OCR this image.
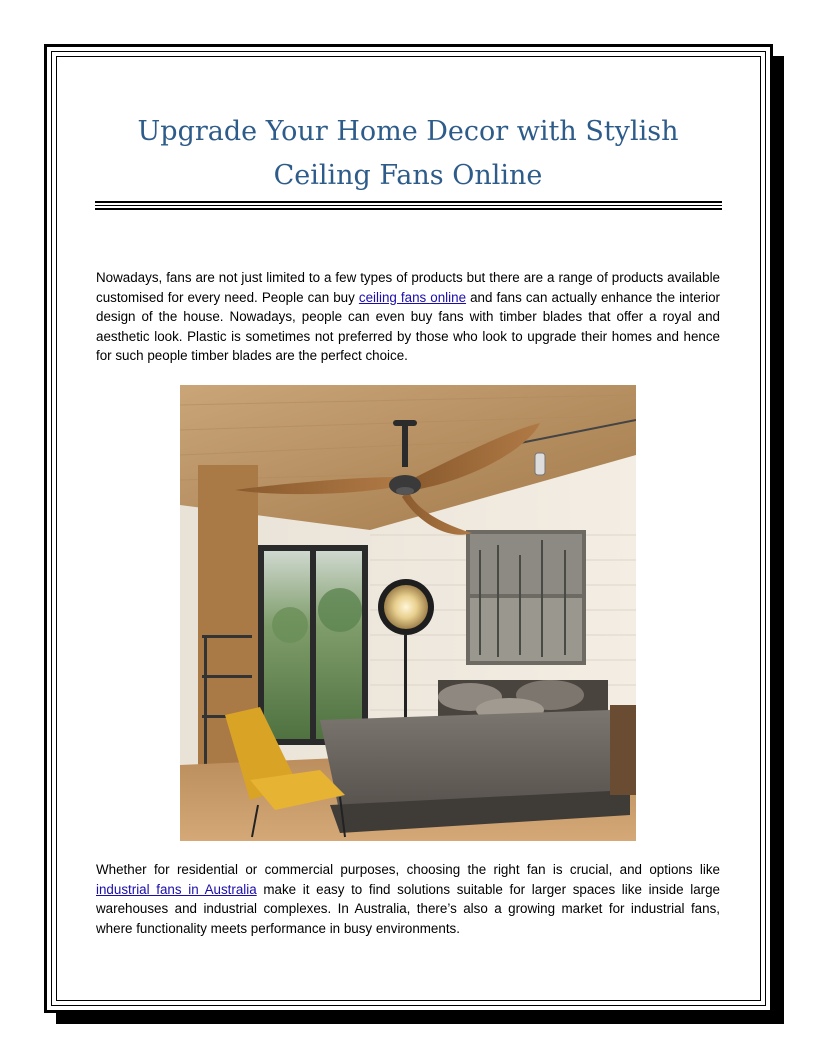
Upgrade Your Home Decor with Stylish Ceiling Fans Online

Nowadays, fans are not just limited to a few types of products but there are a range of products available customised for every need. People can buy ceiling fans online and fans can actually enhance the interior design of the house. Nowadays, people can even buy fans with timber blades that offer a royal and aesthetic look. Plastic is sometimes not preferred by those who look to upgrade their homes and hence for such people timber blades are the perfect choice.

Whether for residential or commercial purposes, choosing the right fan is crucial, and options like industrial fans in Australia make it easy to find solutions suitable for larger spaces like inside large warehouses and industrial complexes. In Australia, there’s also a growing market for industrial fans, where functionality meets performance in busy environments.
